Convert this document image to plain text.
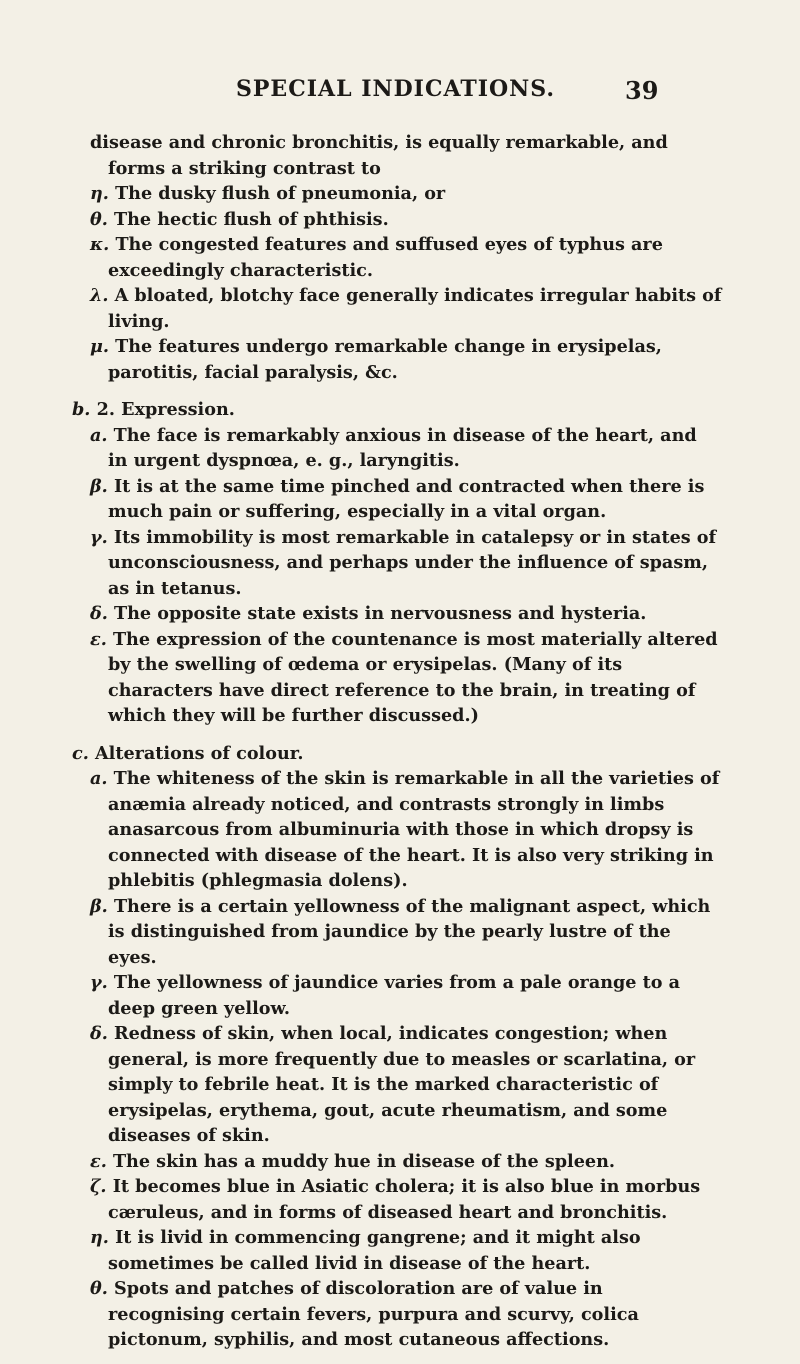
SPECIAL INDICATIONS.	39

disease and chronic bronchitis, is equally remarkable, and forms a striking contrast to

η. The dusky flush of pneumonia, or

θ. The hectic flush of phthisis.

κ. The congested features and suffused eyes of typhus are exceedingly characteristic.

λ. A bloated, blotchy face generally indicates irregular habits of living.

μ. The features undergo remarkable change in erysipelas, parotitis, facial paralysis, &c.

b. 2. Expression.

a. The face is remarkably anxious in disease of the heart, and in urgent dyspnœa, e. g., laryngitis.

β. It is at the same time pinched and contracted when there is much pain or suffering, especially in a vital organ.

γ. Its immobility is most remarkable in catalepsy or in states of unconsciousness, and perhaps under the influence of spasm, as in tetanus.

δ. The opposite state exists in nervousness and hysteria.

ε. The expression of the countenance is most materially altered by the swelling of œdema or erysipelas. (Many of its characters have direct reference to the brain, in treating of which they will be further discussed.)

c. Alterations of colour.

a. The whiteness of the skin is remarkable in all the varieties of anæmia already noticed, and contrasts strongly in limbs anasarcous from albuminuria with those in which dropsy is connected with disease of the heart. It is also very striking in phlebitis (phlegmasia dolens).

β. There is a certain yellowness of the malignant aspect, which is distinguished from jaundice by the pearly lustre of the eyes.

γ. The yellowness of jaundice varies from a pale orange to a deep green yellow.

δ. Redness of skin, when local, indicates congestion; when general, is more frequently due to measles or scarlatina, or simply to febrile heat. It is the marked characteristic of erysipelas, erythema, gout, acute rheumatism, and some diseases of skin.

ε. The skin has a muddy hue in disease of the spleen.

ζ. It becomes blue in Asiatic cholera; it is also blue in morbus cæruleus, and in forms of diseased heart and bronchitis.

η. It is livid in commencing gangrene; and it might also sometimes be called livid in disease of the heart.

θ. Spots and patches of discoloration are of value in recognising certain fevers, purpura and scurvy, colica pictonum, syphilis, and most cutaneous affections.
